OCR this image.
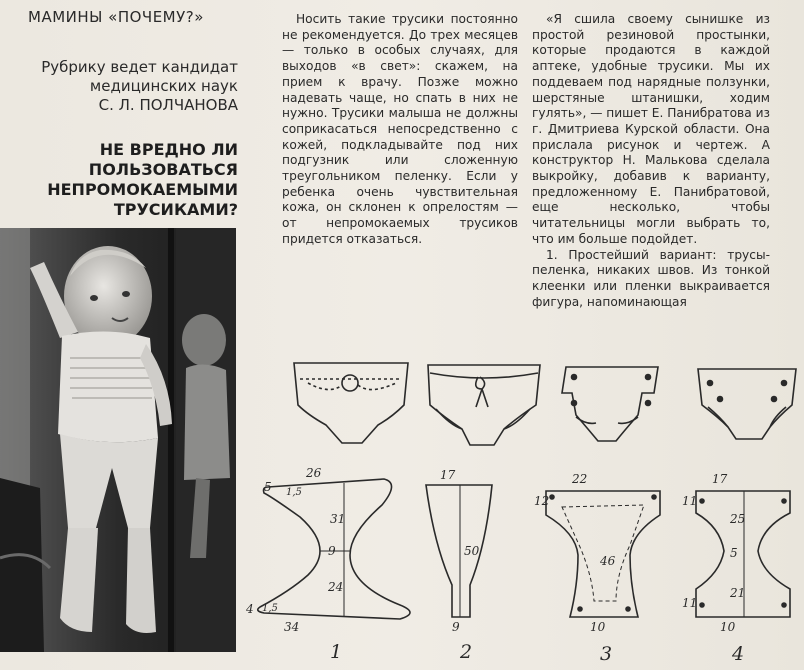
МАМИНЫ «ПОЧЕМУ?»
Рубрику ведет кандидат
медицинских наук
С. Л. ПОЛЧАНОВА
НЕ ВРЕДНО ЛИ
ПОЛЬЗОВАТЬСЯ
НЕПРОМОКАЕМЫМИ
ТРУСИКАМИ?

Носить такие трусики постоянно не рекомендуется. До трех месяцев — только в особых случаях, для выходов «в свет»: скажем, на прием к врачу. Позже можно надевать чаще, но спать в них не нужно. Трусики малыша не должны соприкасаться непосредственно с кожей, подкладывайте под них подгузник или сложенную треугольником пеленку. Если у ребенка очень чувствительная кожа, он склонен к опрелостям — от непромокаемых трусиков придется отказаться.

«Я сшила своему сынишке из простой резиновой простынки, которые продаются в каждой аптеке, удобные трусики. Мы их поддеваем под нарядные ползунки, шерстяные штанишки, ходим гулять», — пишет Е. Панибратова из г. Дмитриева Курской области. Она прислала рисунок и чертеж. А конструктор Н. Малькова сделала выкройку, добавив к варианту, предложенному Е. Панибратовой, еще несколько, чтобы читательницы могли выбрать то, что им больше подойдет.

1. Простейший вариант: трусы-пеленка, никаких швов. Из тонкой клеенки или пленки выкраивается фигура, напоминающая

26
5 1,5
31
9
24
4 1,5
34
17
50
9
22
12
46
10
17
11
25
5
21
11
10
1	2	3	4
